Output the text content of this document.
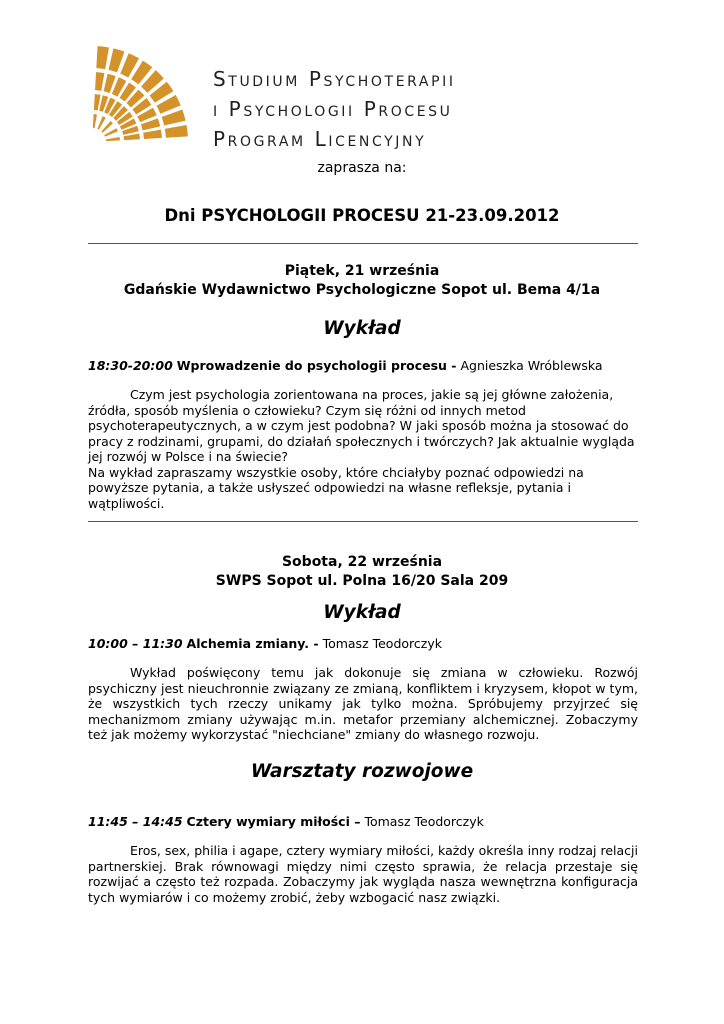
Studium Psychoterapii
i Psychologii Procesu
Program Licencyjny
zaprasza na:
Dni PSYCHOLOGII PROCESU 21-23.09.2012
Piątek, 21 września
Gdańskie Wydawnictwo Psychologiczne Sopot ul. Bema 4/1a
Wykład
18:30-20:00 Wprowadzenie do psychologii procesu - Agnieszka Wróblewska

Czym jest psychologia zorientowana na proces, jakie są jej główne założenia, źródła, sposób myślenia o człowieku? Czym się różni od innych metod psychoterapeutycznych, a w czym jest podobna? W jaki sposób można ja stosować do pracy z rodzinami, grupami, do działań społecznych i twórczych? Jak aktualnie wygląda jej rozwój w Polsce i na świecie?

Na wykład zapraszamy wszystkie osoby, które chciałyby poznać odpowiedzi na powyższe pytania, a także usłyszeć odpowiedzi na własne refleksje, pytania i wątpliwości.

Sobota, 22 września
SWPS Sopot ul. Polna 16/20 Sala 209
Wykład
10:00 – 11:30 Alchemia zmiany. - Tomasz Teodorczyk

Wykład poświęcony temu jak dokonuje się zmiana w człowieku. Rozwój psychiczny jest nieuchronnie związany ze zmianą, konfliktem i kryzysem, kłopot w tym, że wszystkich tych rzeczy unikamy jak tylko można. Spróbujemy przyjrzeć się mechanizmom zmiany używając m.in. metafor przemiany alchemicznej. Zobaczymy też jak możemy wykorzystać "niechciane" zmiany do własnego rozwoju.

Warsztaty rozwojowe
11:45 – 14:45 Cztery wymiary miłości – Tomasz Teodorczyk

Eros, sex, philia i agape, cztery wymiary miłości, każdy określa inny rodzaj relacji partnerskiej. Brak równowagi między nimi często sprawia, że relacja przestaje się rozwijać a często też rozpada. Zobaczymy jak wygląda nasza wewnętrzna konfiguracja tych wymiarów i co możemy zrobić, żeby wzbogacić nasz związki.
